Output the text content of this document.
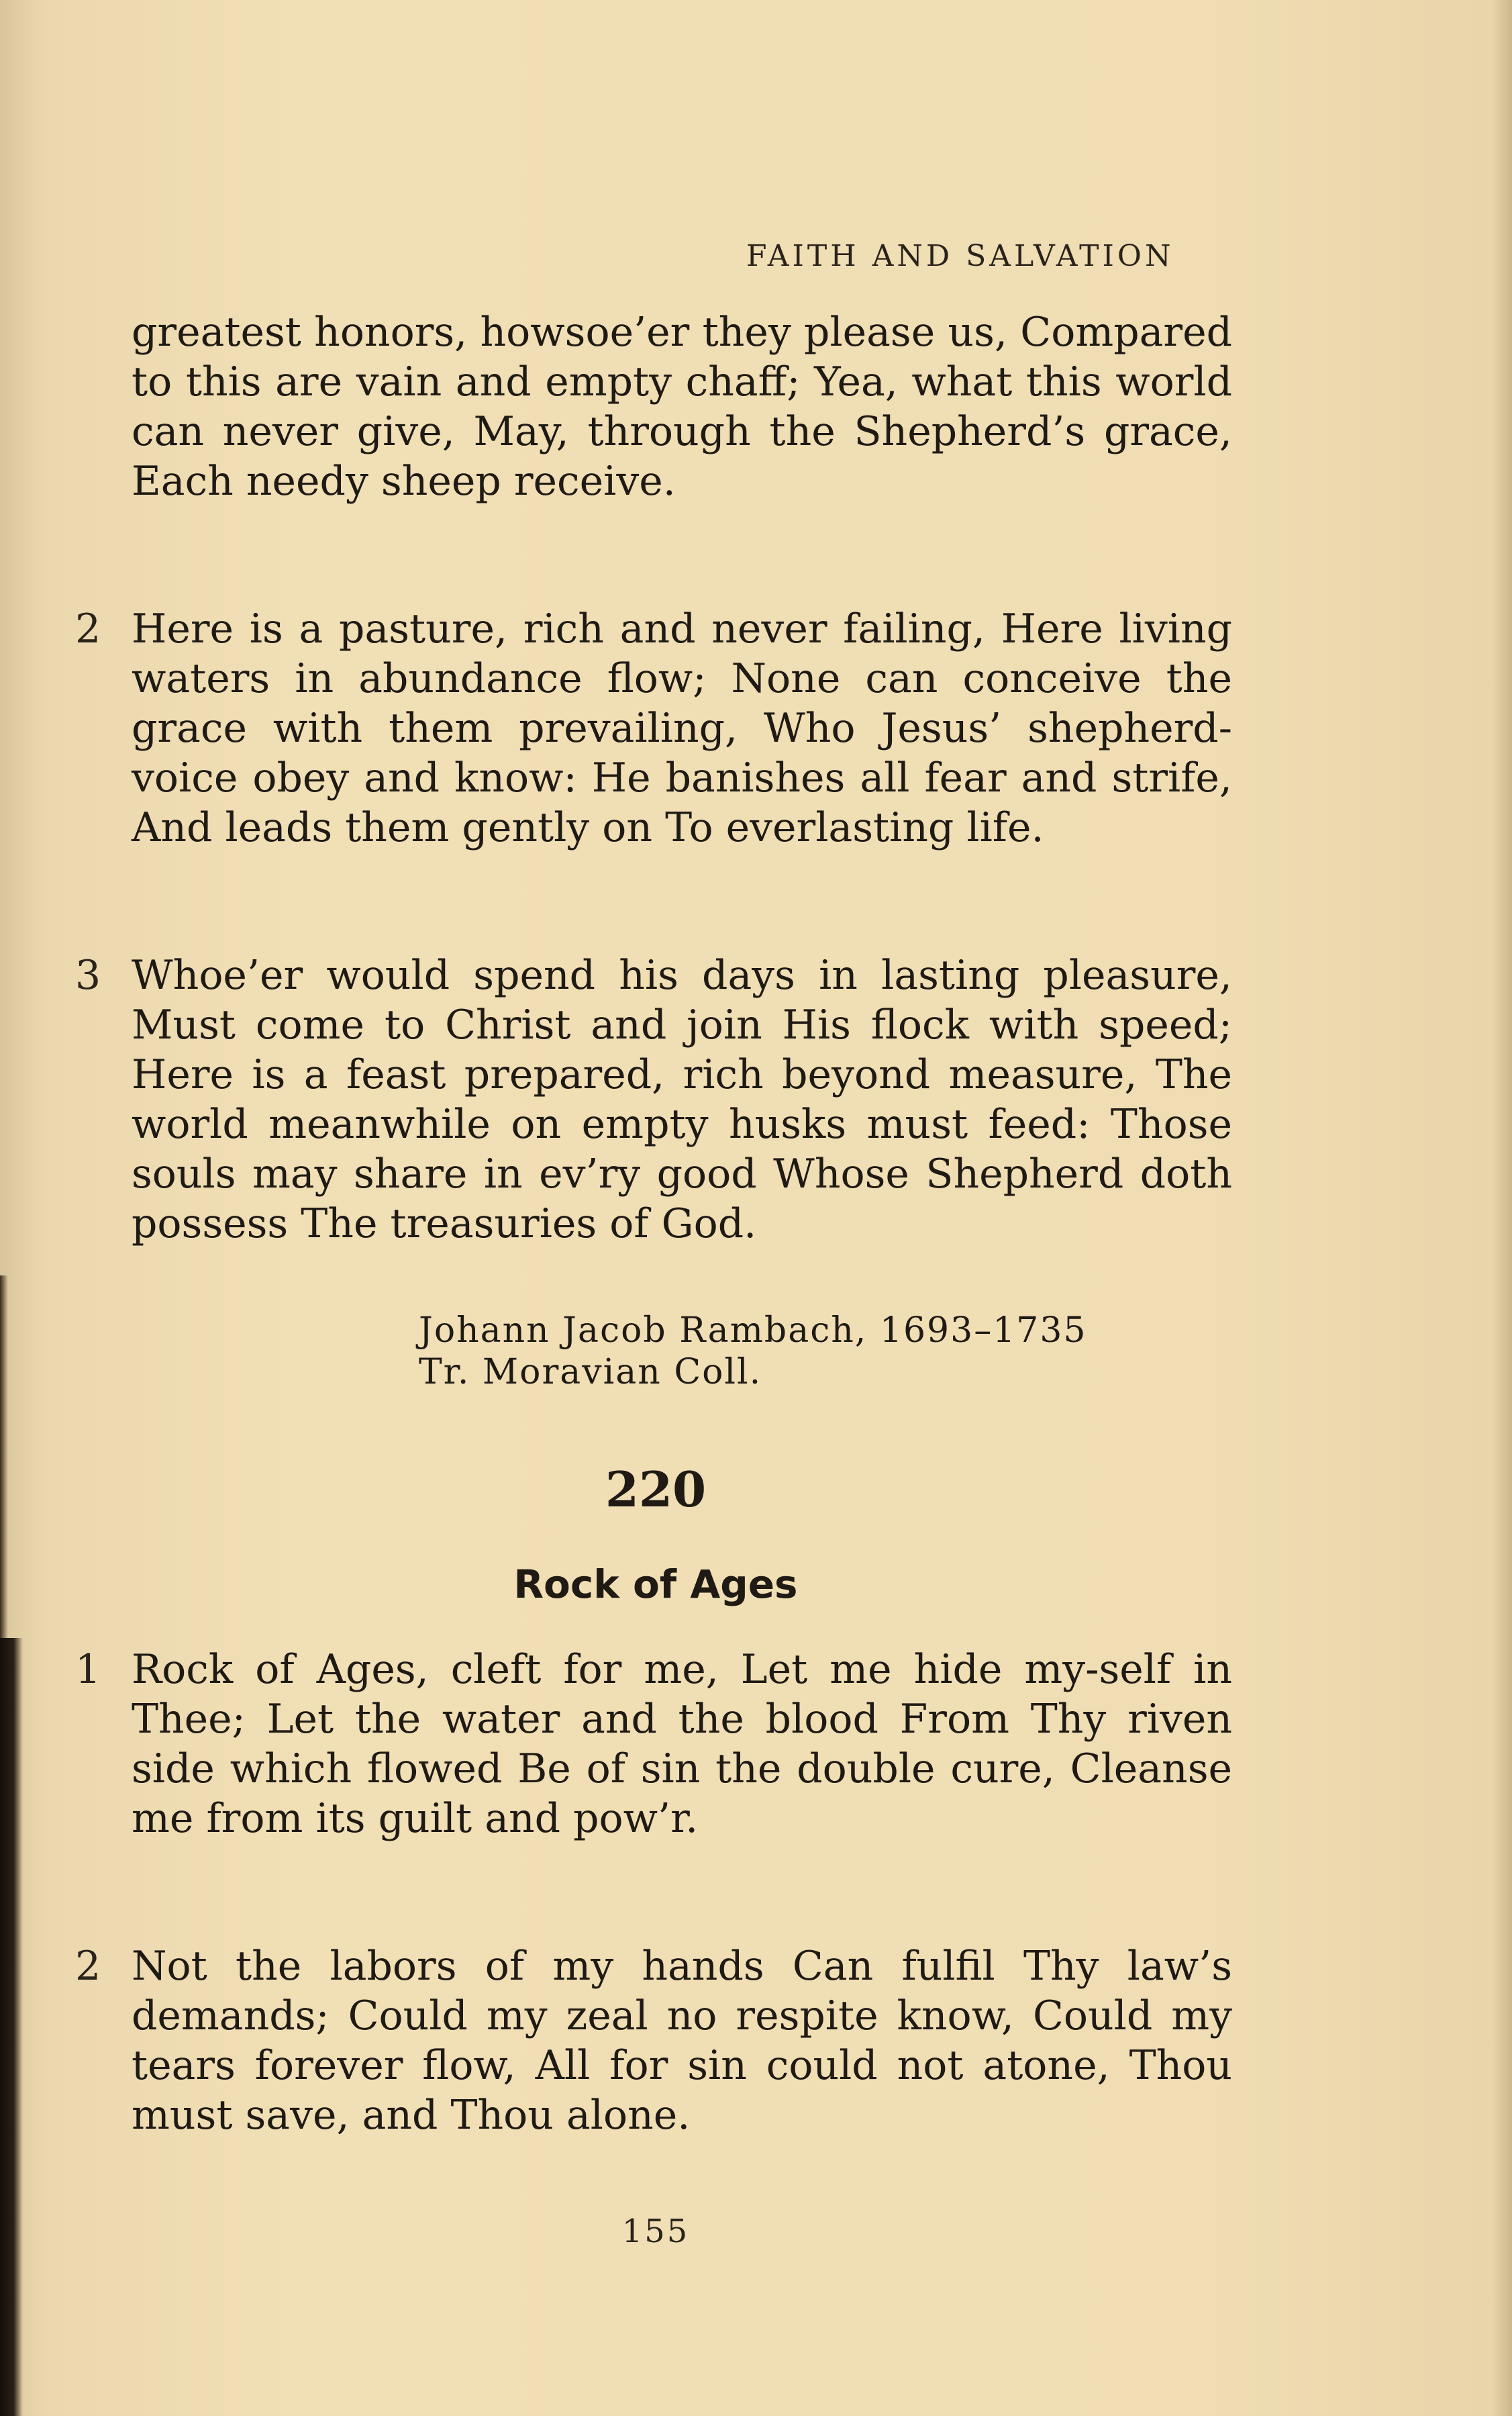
FAITH AND SALVATION
greatest honors, howsoe’er they please us, Compared to this are vain and empty chaff; Yea, what this world can never give, May, through the Shepherd’s grace, Each needy sheep receive.
2 Here is a pasture, rich and never failing, Here living waters in abundance flow; None can conceive the grace with them prevailing, Who Jesus’ shepherd-voice obey and know: He banishes all fear and strife, And leads them gently on To everlasting life.
3 Whoe’er would spend his days in lasting pleasure, Must come to Christ and join His flock with speed; Here is a feast prepared, rich beyond measure, The world meanwhile on empty husks must feed: Those souls may share in ev’ry good Whose Shepherd doth possess The treasuries of God.
Johann Jacob Rambach, 1693–1735
Tr. Moravian Coll.
220
Rock of Ages
1 Rock of Ages, cleft for me, Let me hide my-self in Thee; Let the water and the blood From Thy riven side which flowed Be of sin the double cure, Cleanse me from its guilt and pow’r.
2 Not the labors of my hands Can fulfil Thy law’s demands; Could my zeal no respite know, Could my tears forever flow, All for sin could not atone, Thou must save, and Thou alone.
155
